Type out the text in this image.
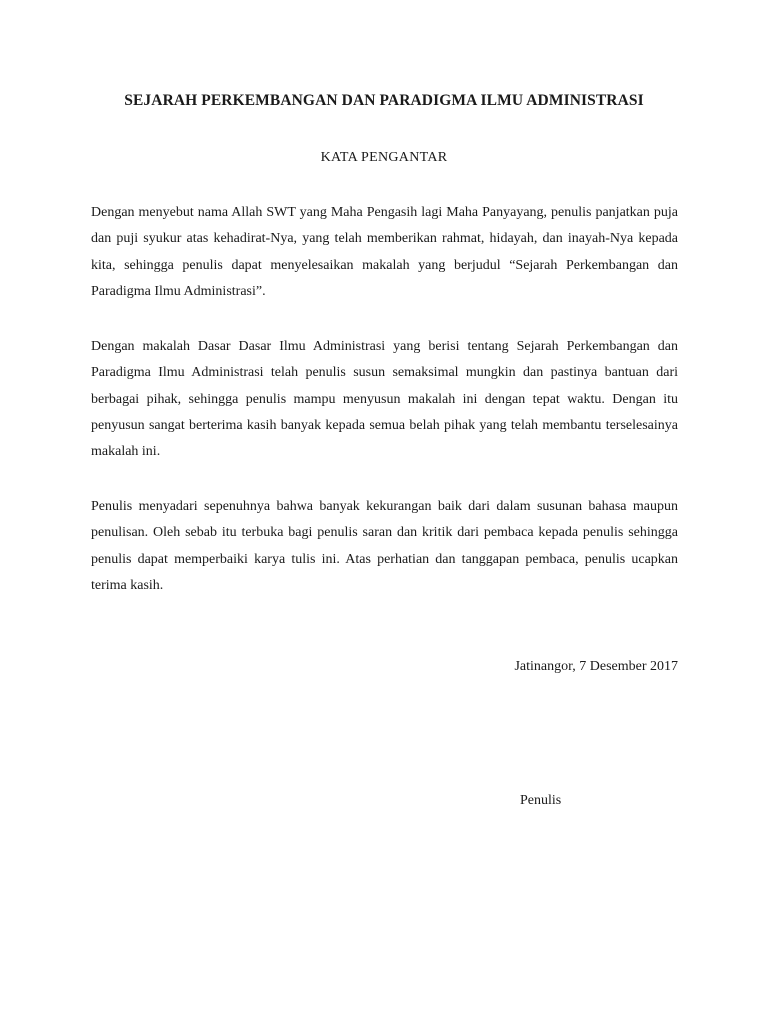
SEJARAH PERKEMBANGAN DAN PARADIGMA ILMU ADMINISTRASI
KATA PENGANTAR

Dengan menyebut nama Allah SWT yang Maha Pengasih lagi Maha Panyayang, penulis panjatkan puja dan puji syukur atas kehadirat-Nya, yang telah memberikan rahmat, hidayah, dan inayah-Nya kepada kita, sehingga penulis dapat menyelesaikan makalah yang berjudul “Sejarah Perkembangan dan Paradigma Ilmu Administrasi”.

Dengan makalah Dasar Dasar Ilmu Administrasi yang berisi tentang Sejarah Perkembangan dan Paradigma Ilmu Administrasi telah penulis susun semaksimal mungkin dan pastinya bantuan dari berbagai pihak, sehingga penulis mampu menyusun makalah ini dengan tepat waktu. Dengan itu penyusun sangat berterima kasih banyak kepada semua belah pihak yang telah membantu terselesainya makalah ini.

Penulis menyadari sepenuhnya bahwa banyak kekurangan baik dari dalam susunan bahasa maupun penulisan. Oleh sebab itu terbuka bagi penulis saran dan kritik dari pembaca kepada penulis sehingga penulis dapat memperbaiki karya tulis ini. Atas perhatian dan tanggapan pembaca, penulis ucapkan terima kasih.

Jatinangor, 7 Desember 2017
Penulis
